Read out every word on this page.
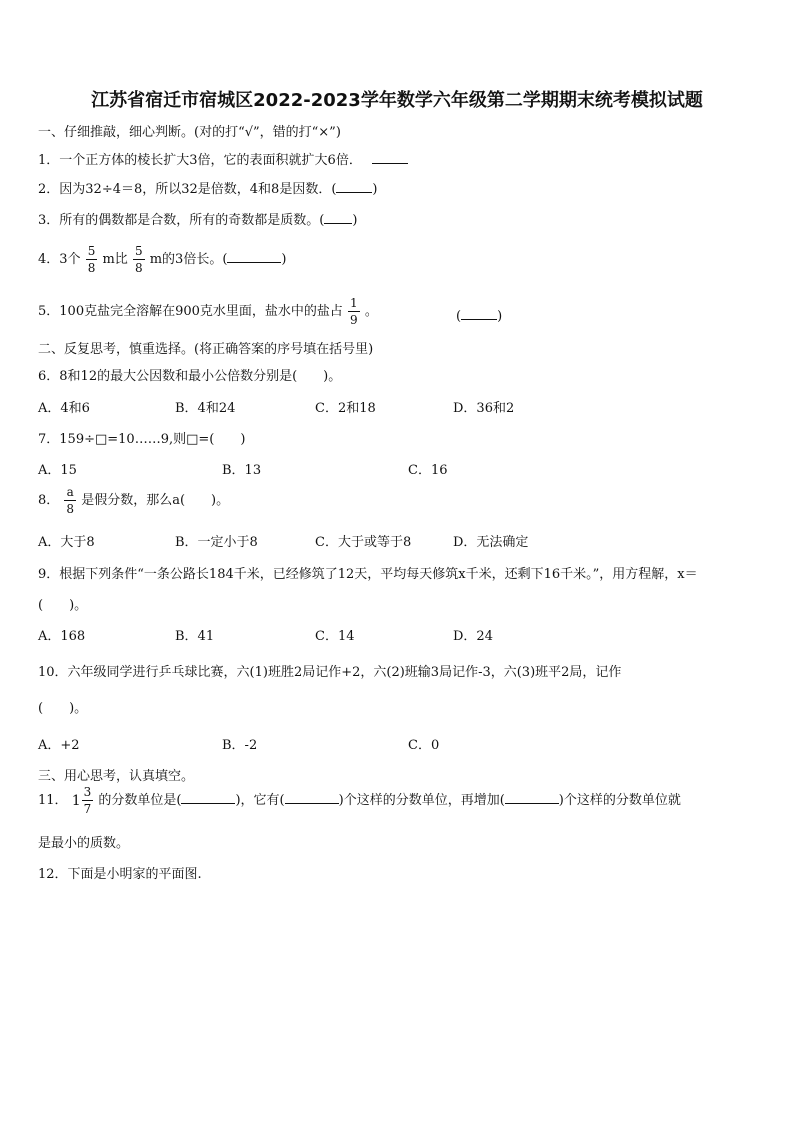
江苏省宿迁市宿城区2022-2023学年数学六年级第二学期期末统考模拟试题
一、仔细推敲，细心判断。(对的打“√”，错的打“×”)
1．一个正方体的棱长扩大3倍，它的表面积就扩大6倍．
2．因为32÷4＝8，所以32是倍数，4和8是因数．(	)
3．所有的偶数都是合数，所有的奇数都是质数。( )
4．3个 $\frac{5}{8}$ m比 $\frac{5}{8}$ m的3倍长。(	)
5．100克盐完全溶解在900克水里面，盐水中的盐占 $\frac{1}{9}$ 。	(	)
二、反复思考，慎重选择。(将正确答案的序号填在括号里)
6．8和12的最大公因数和最小公倍数分别是(　　)。
A．4和6	B．4和24	C．2和18	D．36和2
7．159÷□=10……9,则□=(　　)
A．15	B．13	C．16
8． $\frac{a}{8}$ 是假分数，那么a(　　)。
A．大于8	B．一定小于8	C．大于或等于8	D．无法确定
9．根据下列条件“一条公路长184千米，已经修筑了12天，平均每天修筑x千米，还剩下16千米。”，用方程解，x＝
(　　)。
A．168	B．41	C．14	D．24
10．六年级同学进行乒乓球比赛，六(1)班胜2局记作+2，六(2)班输3局记作-3，六(3)班平2局，记作
(　　)。
A．+2	B．-2	C．0
三、用心思考，认真填空。
11． $1 \frac{3}{7}$ 的分数单位是(	)，它有(	)个这样的分数单位，再增加(	)个这样的分数单位就
是最小的质数。
12．下面是小明家的平面图.
